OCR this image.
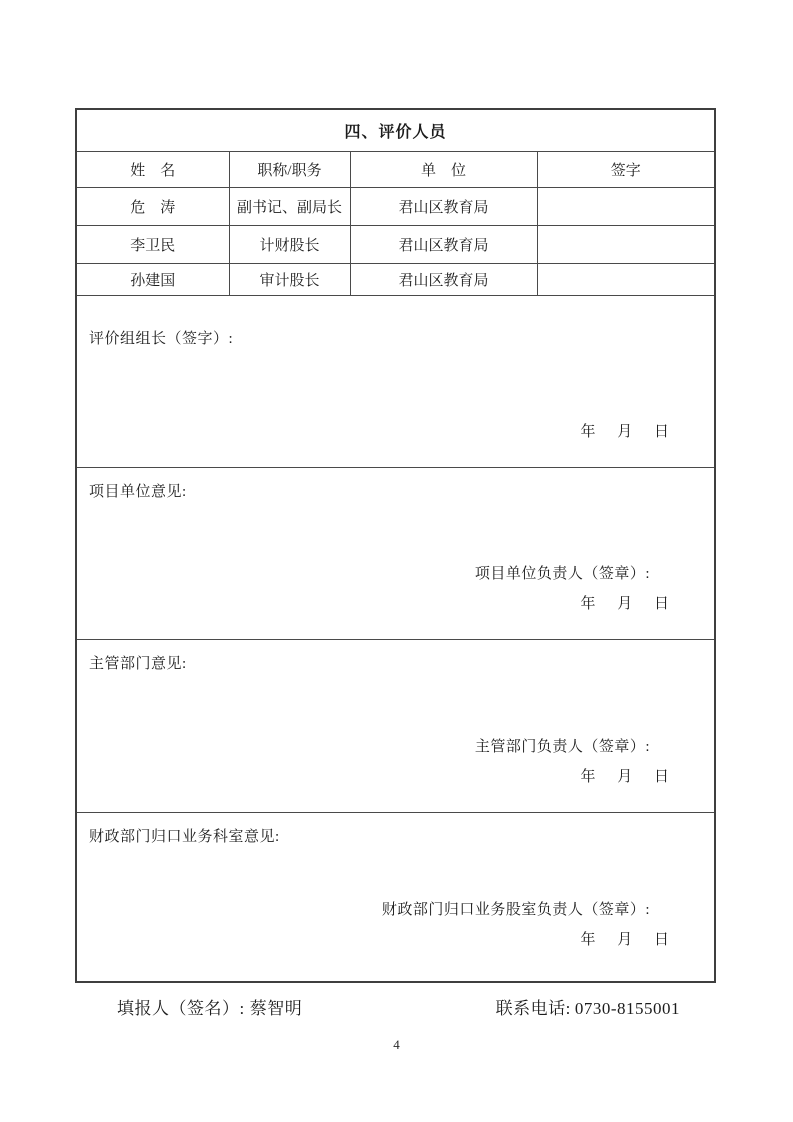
四、评价人员			
姓　名	职称/职务	单　位	签字
危　涛	副书记、副局长	君山区教育局	
李卫民	计财股长	君山区教育局	
孙建国	审计股长	君山区教育局	
评价组组长（签字）:
年 月 日
项目单位意见:
项目单位负责人（签章）:
年 月 日
主管部门意见:
主管部门负责人（签章）:
年 月 日
财政部门归口业务科室意见:
财政部门归口业务股室负责人（签章）:
年 月 日
填报人（签名）: 蔡智明	联系电话: 0730-8155001
4
